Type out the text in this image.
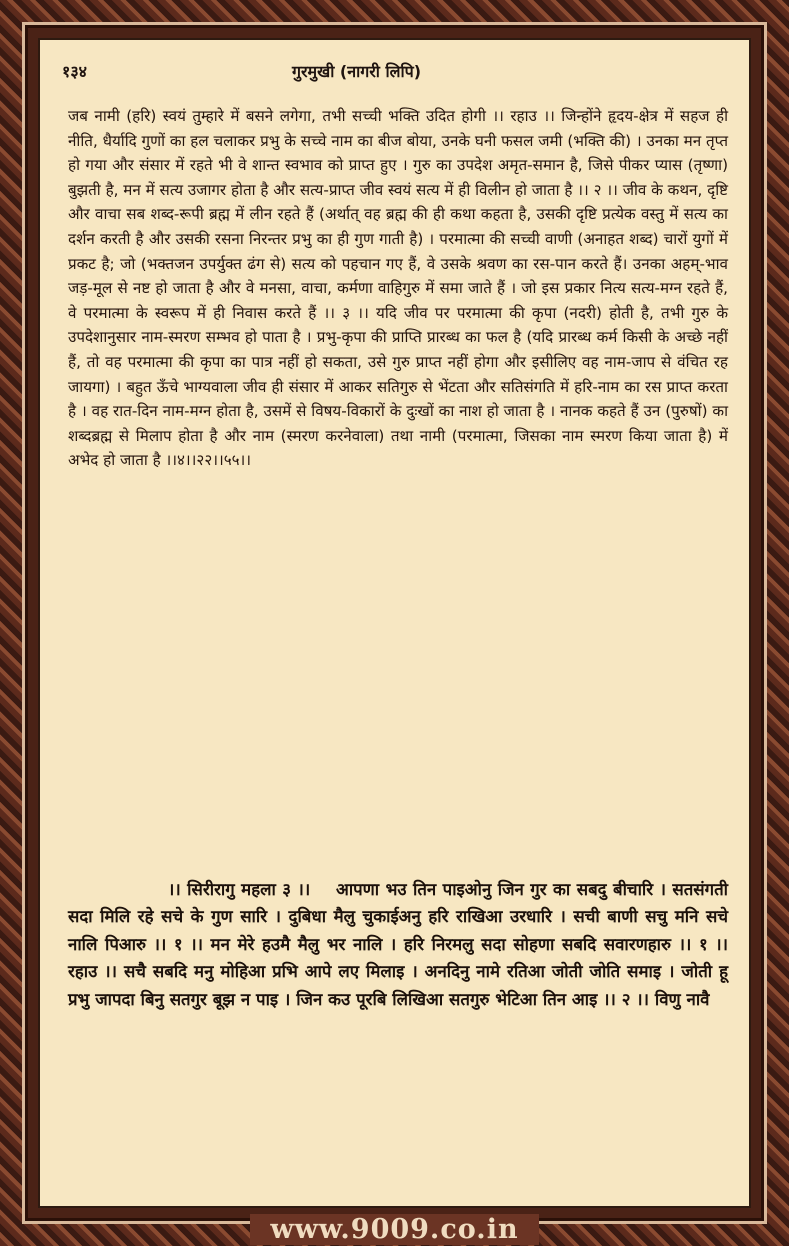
१३४	गुरमुखी (नागरी लिपि)

जब नामी (हरि) स्वयं तुम्हारे में बसने लगेगा, तभी सच्ची भक्ति उदित होगी ।। रहाउ ।। जिन्होंने हृदय-क्षेत्र में सहज ही नीति, धैर्यादि गुणों का हल चलाकर प्रभु के सच्चे नाम का बीज बोया, उनके घनी फसल जमी (भक्ति की) । उनका मन तृप्त हो गया और संसार में रहते भी वे शान्त स्वभाव को प्राप्त हुए । गुरु का उपदेश अमृत-समान है, जिसे पीकर प्यास (तृष्णा) बुझती है, मन में सत्य उजागर होता है और सत्य-प्राप्त जीव स्वयं सत्य में ही विलीन हो जाता है ।। २ ।। जीव के कथन, दृष्टि और वाचा सब शब्द-रूपी ब्रह्म में लीन रहते हैं (अर्थात् वह ब्रह्म की ही कथा कहता है, उसकी दृष्टि प्रत्येक वस्तु में सत्य का दर्शन करती है और उसकी रसना निरन्तर प्रभु का ही गुण गाती है) । परमात्मा की सच्ची वाणी (अनाहत शब्द) चारों युगों में प्रकट है; जो (भक्तजन उपर्युक्त ढंग से) सत्य को पहचान गए हैं, वे उसके श्रवण का रस-पान करते हैं। उनका अहम्-भाव जड़-मूल से नष्ट हो जाता है और वे मनसा, वाचा, कर्मणा वाहिगुरु में समा जाते हैं । जो इस प्रकार नित्य सत्य-मग्न रहते हैं, वे परमात्मा के स्वरूप में ही निवास करते हैं ।। ३ ।। यदि जीव पर परमात्मा की कृपा (नदरी) होती है, तभी गुरु के उपदेशानुसार नाम-स्मरण सम्भव हो पाता है । प्रभु-कृपा की प्राप्ति प्रारब्ध का फल है (यदि प्रारब्ध कर्म किसी के अच्छे नहीं हैं, तो वह परमात्मा की कृपा का पात्र नहीं हो सकता, उसे गुरु प्राप्त नहीं होगा और इसीलिए वह नाम-जाप से वंचित रह जायगा) । बहुत ऊँचे भाग्यवाला जीव ही संसार में आकर सतिगुरु से भेंटता और सतिसंगति में हरि-नाम का रस प्राप्त करता है । वह रात-दिन नाम-मग्न होता है, उसमें से विषय-विकारों के दुःखों का नाश हो जाता है । नानक कहते हैं उन (पुरुषों) का शब्दब्रह्म से मिलाप होता है और नाम (स्मरण करनेवाला) तथा नामी (परमात्मा, जिसका नाम स्मरण किया जाता है) में अभेद हो जाता है ।।४।।२२।।५५।।

।। सिरीरागु महला ३ ।। आपणा भउ तिन पाइओनु जिन गुर का सबदु बीचारि । सतसंगती सदा मिलि रहे सचे के गुण सारि । दुबिधा मैलु चुकाईअनु हरि राखिआ उरधारि । सची बाणी सचु मनि सचे नालि पिआरु ।। १ ।। मन मेरे हउमै मैलु भर नालि । हरि निरमलु सदा सोहणा सबदि सवारणहारु ।। १ ।। रहाउ ।। सचै सबदि मनु मोहिआ प्रभि आपे लए मिलाइ । अनदिनु नामे रतिआ जोती जोति समाइ । जोती हू प्रभु जापदा बिनु सतगुर बूझ न पाइ । जिन कउ पूरबि लिखिआ सतगुरु भेटिआ तिन आइ ।। २ ।। विणु नावै

www.9009.co.in
